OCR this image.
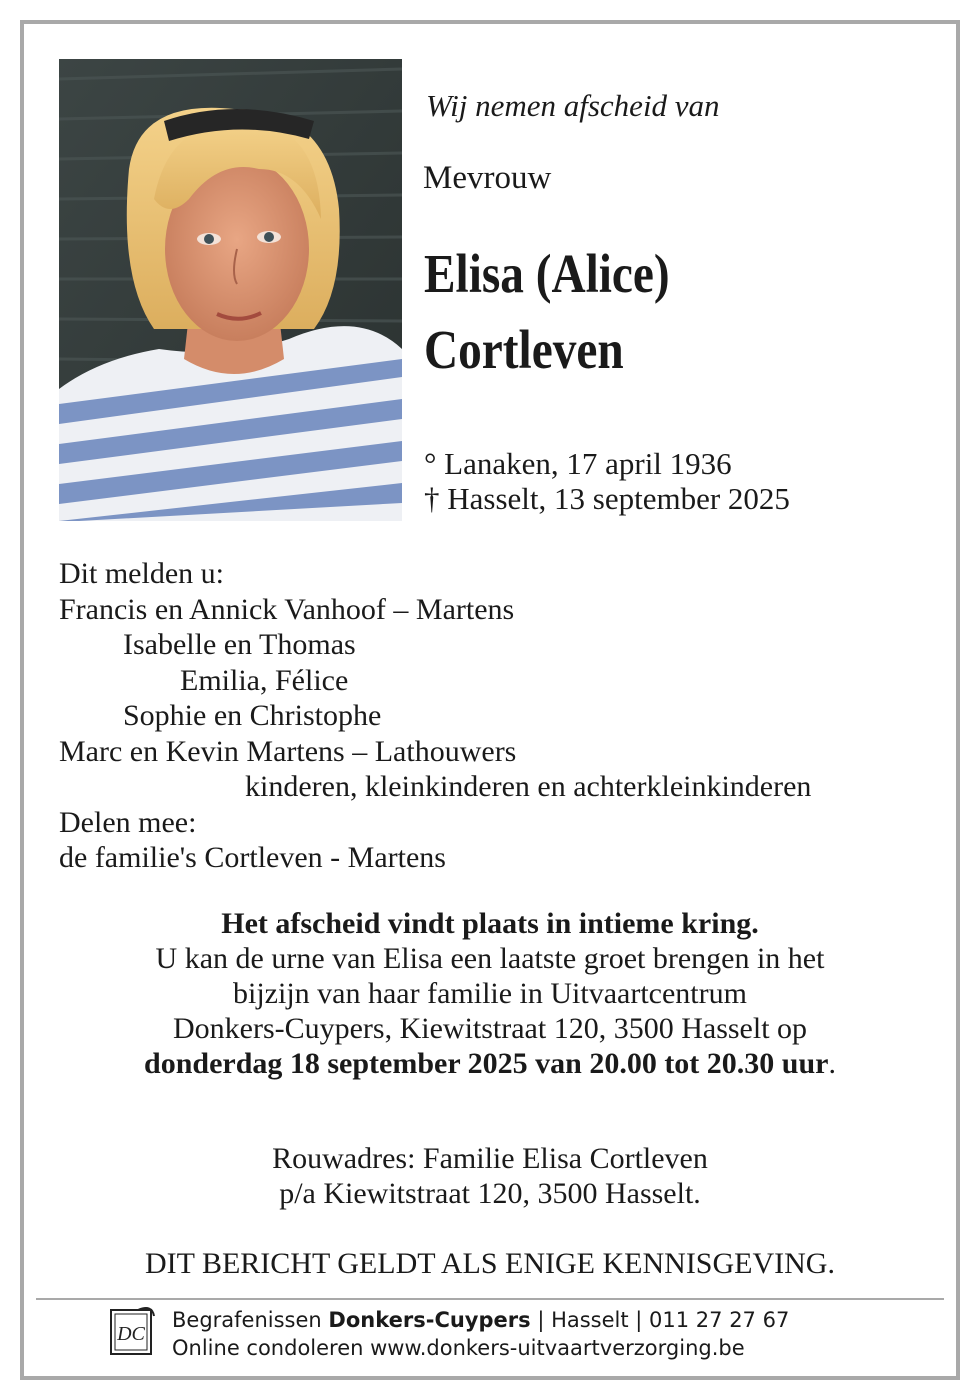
Wij nemen afscheid van
Mevrouw
Elisa (Alice)
Cortleven
° Lanaken, 17 april 1936
† Hasselt, 13 september 2025
Dit melden u:
Francis en Annick Vanhoof – Martens
Isabelle en Thomas
Emilia, Félice
Sophie en Christophe
Marc en Kevin Martens – Lathouwers
kinderen, kleinkinderen en achterkleinkinderen
Delen mee:
de familie's Cortleven - Martens
Het afscheid vindt plaats in intieme kring.
U kan de urne van Elisa een laatste groet brengen in het
bijzijn van haar familie in Uitvaartcentrum
Donkers-Cuypers, Kiewitstraat 120, 3500 Hasselt op
donderdag 18 september 2025 van 20.00 tot 20.30 uur.
Rouwadres: Familie Elisa Cortleven
p/a Kiewitstraat 120, 3500 Hasselt.
DIT BERICHT GELDT ALS ENIGE KENNISGEVING.
DC
Begrafenissen Donkers-Cuypers | Hasselt | 011 27 27 67
Online condoleren www.donkers-uitvaartverzorging.be
